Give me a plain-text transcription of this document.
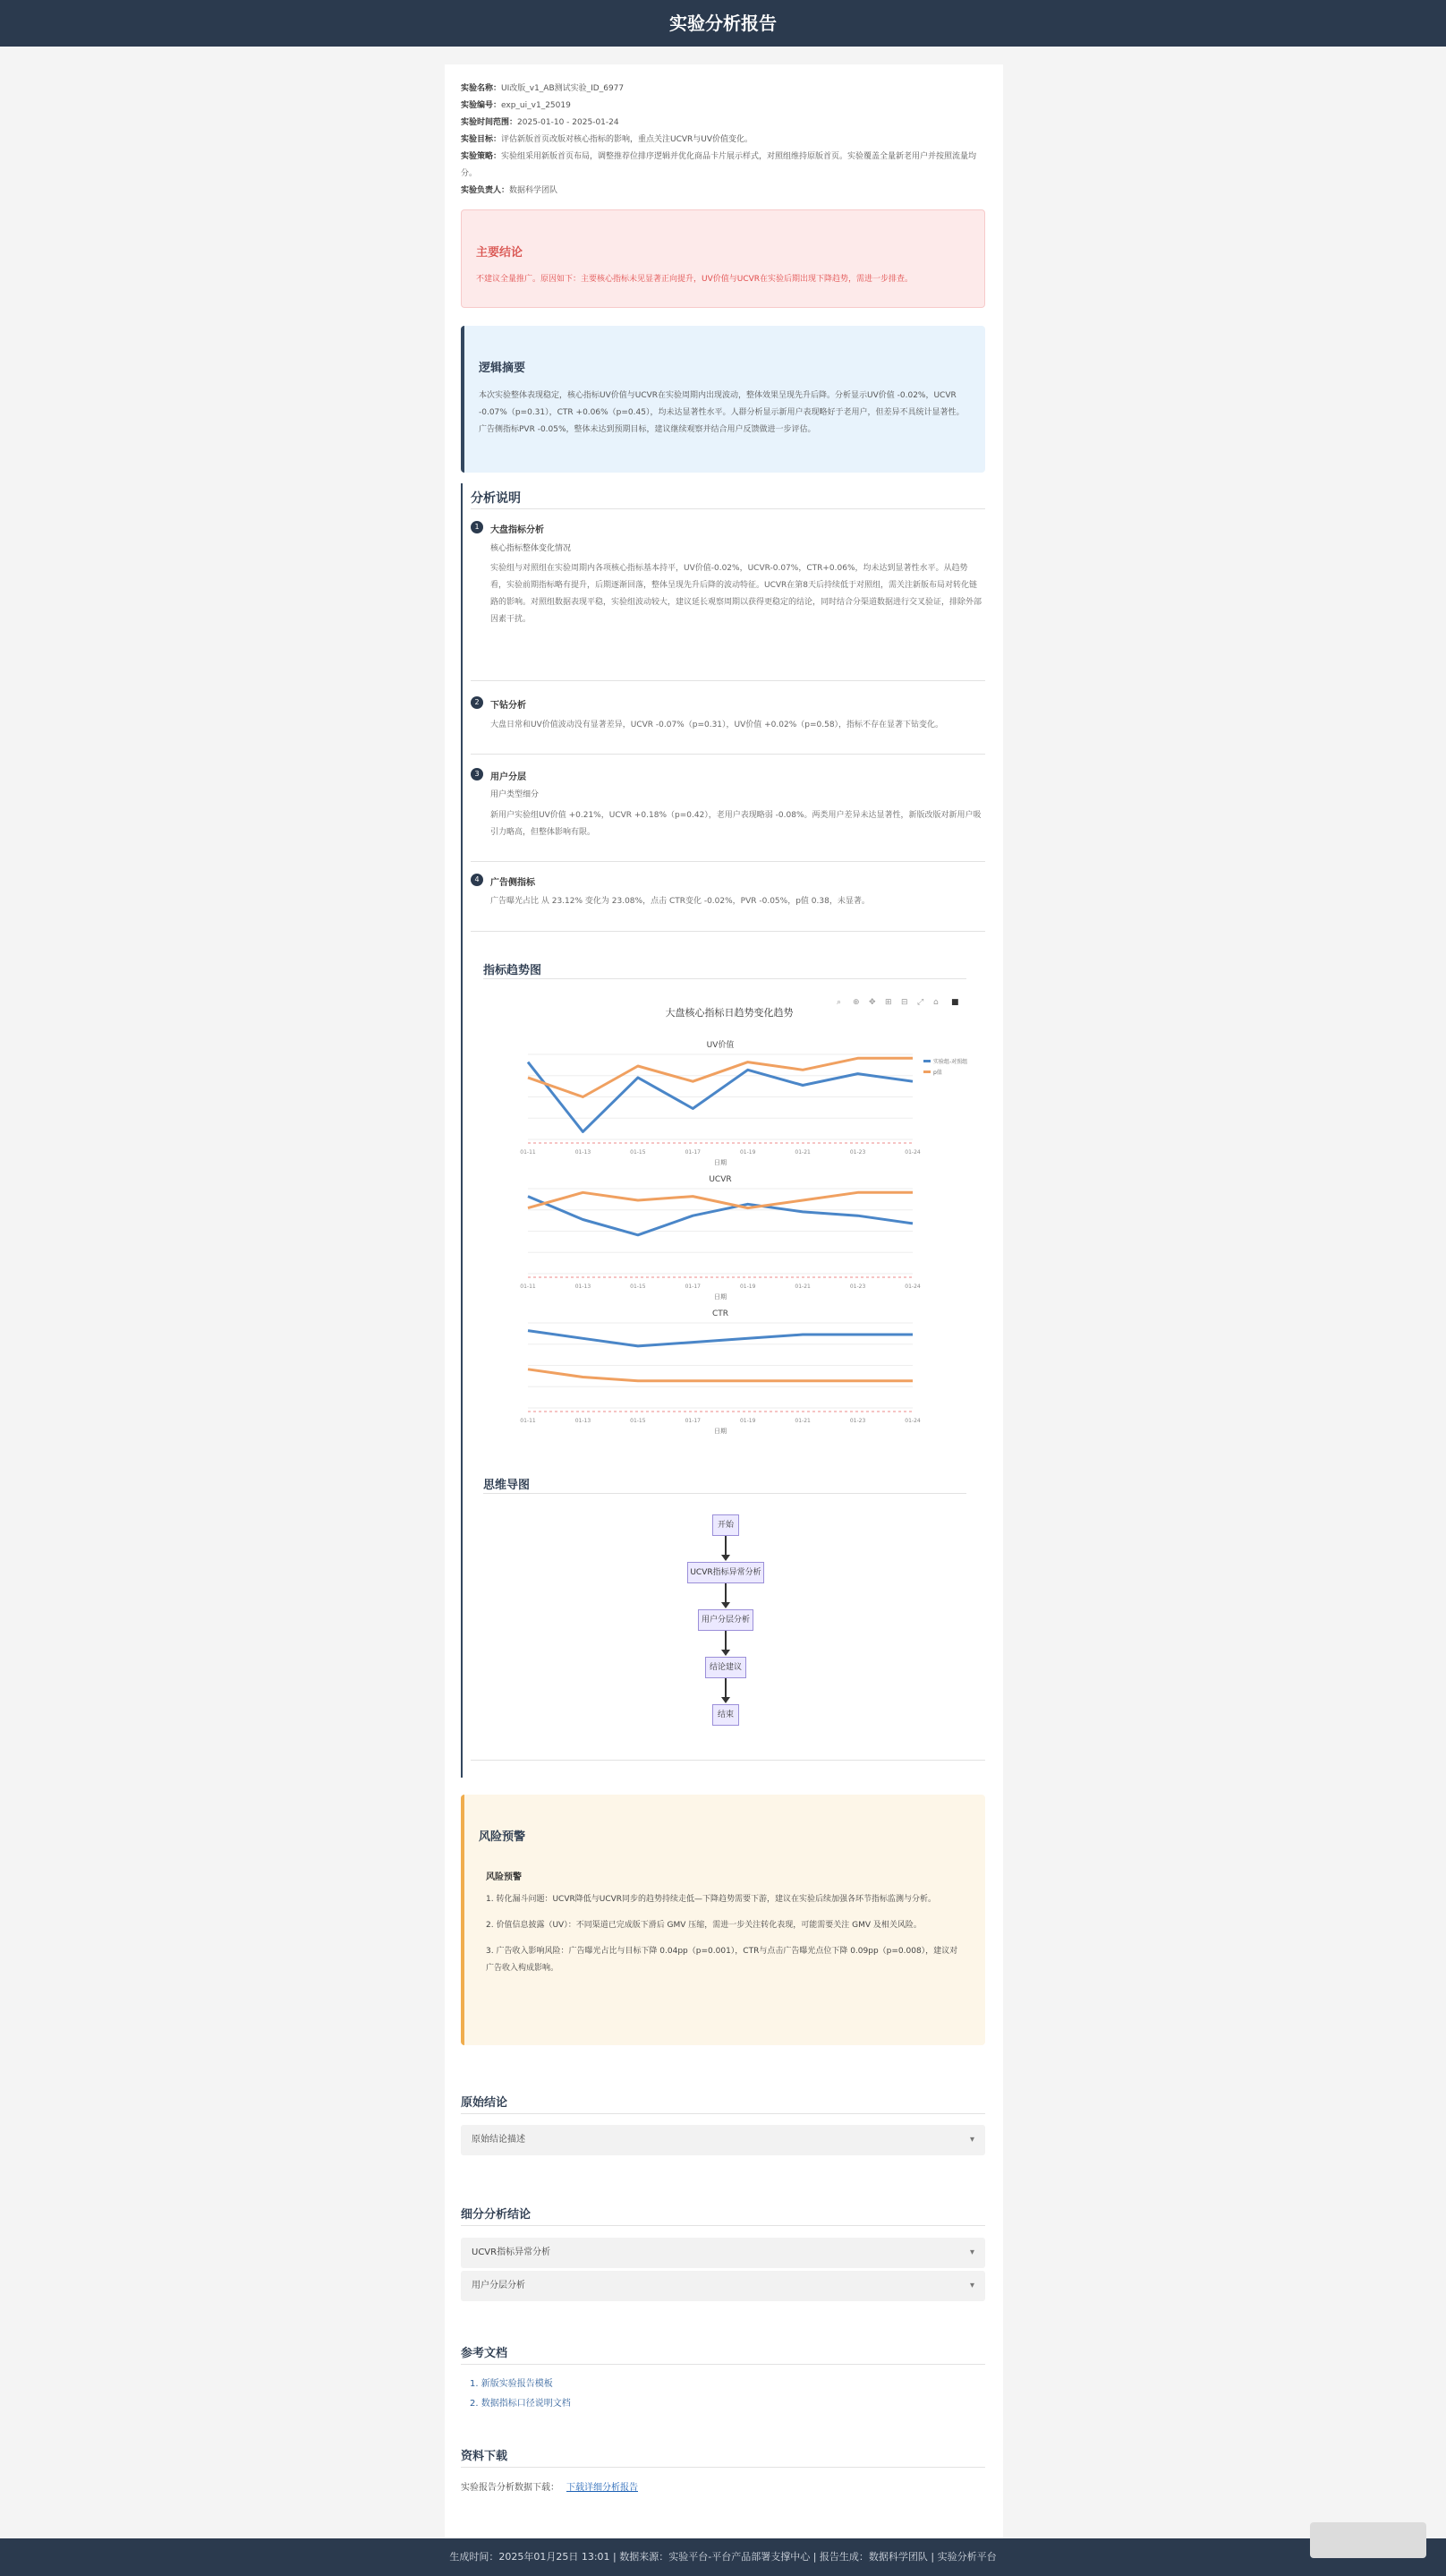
实验分析报告
实验名称：UI改版_v1_AB测试实验_ID_6977
实验编号：exp_ui_v1_25019
实验时间范围：2025-01-10 - 2025-01-24
实验目标：评估新版首页改版对核心指标的影响，重点关注UCVR与UV价值变化。
实验策略：实验组采用新版首页布局，调整推荐位排序逻辑并优化商品卡片展示样式，对照组维持原版首页。实验覆盖全量新老用户并按照流量均分。
实验负责人：数据科学团队
主要结论

不建议全量推广。原因如下：主要核心指标未见显著正向提升，UV价值与UCVR在实验后期出现下降趋势，需进一步排查。

逻辑摘要

本次实验整体表现稳定，核心指标UV价值与UCVR在实验周期内出现波动，整体效果呈现先升后降。分析显示UV价值 -0.02%，UCVR -0.07%（p=0.31），CTR +0.06%（p=0.45），均未达显著性水平。人群分析显示新用户表现略好于老用户，但差异不具统计显著性。广告侧指标PVR -0.05%，整体未达到预期目标，建议继续观察并结合用户反馈做进一步评估。

分析说明
1	大盘指标分析
核心指标整体变化情况
实验组与对照组在实验周期内各项核心指标基本持平，UV价值-0.02%，UCVR-0.07%，CTR+0.06%，均未达到显著性水平。从趋势看，实验前期指标略有提升，后期逐渐回落，整体呈现先升后降的波动特征。UCVR在第8天后持续低于对照组，需关注新版布局对转化链路的影响。对照组数据表现平稳，实验组波动较大，建议延长观察周期以获得更稳定的结论，同时结合分渠道数据进行交叉验证，排除外部因素干扰。
2	下钻分析
大盘日常和UV价值波动没有显著差异，UCVR -0.07%（p=0.31），UV价值 +0.02%（p=0.58），指标不存在显著下钻变化。
3	用户分层
用户类型细分
新用户实验组UV价值 +0.21%，UCVR +0.18%（p=0.42），老用户表现略弱 -0.08%。两类用户差异未达显著性，新版改版对新用户吸引力略高，但整体影响有限。
4	广告侧指标
广告曝光占比 从 23.12% 变化为 23.08%，点击 CTR变化 -0.02%，PVR -0.05%，p值 0.38，未显著。
指标趋势图
大盘核心指标日趋势变化趋势
⌕ ⊕ ✥ ⊞ ⊟ ⤢ ⌂ ■
UV价值
01-11	01-13	01-15	01-17	01-19	01-21	01-23	01-24
日期
实验组-对照组
p值
UCVR
01-11	01-13	01-15	01-17	01-19	01-21	01-23	01-24
日期
CTR
01-11	01-13	01-15	01-17	01-19	01-21	01-23	01-24
日期
思维导图
开始
UCVR指标异常分析
用户分层分析
结论建议
结束
风险预警
风险预警

1. 转化漏斗问题：UCVR降低与UCVR同步的趋势持续走低—下降趋势需要下游，建议在实验后续加强各环节指标监测与分析。

2. 价值信息披露（UV）：不同渠道已完成版下滑后 GMV 压缩，需进一步关注转化表现，可能需要关注 GMV 及相关风险。

3. 广告收入影响风险：广告曝光占比与目标下降 0.04pp（p=0.001），CTR与点击广告曝光点位下降 0.09pp（p=0.008），建议对广告收入构成影响。

原始结论
原始结论描述	▾
细分分析结论
UCVR指标异常分析	▾
用户分层分析	▾
参考文档
1. 新版实验报告模板
2. 数据指标口径说明文档
资料下载
实验报告分析数据下载： 下载详细分析报告
生成时间：2025年01月25日 13:01 | 数据来源：实验平台-平台产品部署支撑中心 | 报告生成：数据科学团队 | 实验分析平台
